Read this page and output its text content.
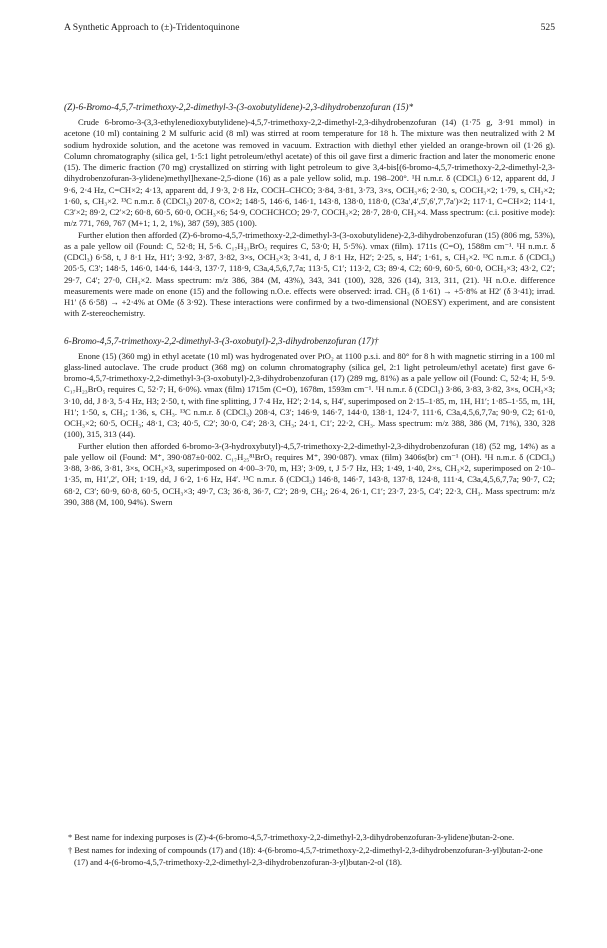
A Synthetic Approach to (±)-Tridentoquinone	525

(Z)-6-Bromo-4,5,7-trimethoxy-2,2-dimethyl-3-(3-oxobutylidene)-2,3-dihydrobenzofuran (15)*

Crude 6-bromo-3-(3,3-ethylenedioxybutylidene)-4,5,7-trimethoxy-2,2-dimethyl-2,3-dihydrobenzofuran (14) (1·75 g, 3·91 mmol) in acetone (10 ml) containing 2 M sulfuric acid (8 ml) was stirred at room temperature for 18 h. The mixture was then neutralized with 2 M sodium hydroxide solution, and the acetone was removed in vacuum. Extraction with diethyl ether yielded an orange-brown oil (1·26 g). Column chromatography (silica gel, 1·5:1 light petroleum/ethyl acetate) of this oil gave first a dimeric fraction and later the monomeric enone (15). The dimeric fraction (70 mg) crystallized on stirring with light petroleum to give 3,4-bis[(6-bromo-4,5,7-trimethoxy-2,2-dimethyl-2,3-dihydrobenzofuran-3-ylidene)methyl]hexane-2,5-dione (16) as a pale yellow solid, m.p. 198–200°. ¹H n.m.r. δ (CDCl₃) 6·12, apparent dd, J 9·6, 2·4 Hz, C=CH×2; 4·13, apparent dd, J 9·3, 2·8 Hz, COCH–CHCO; 3·84, 3·81, 3·73, 3×s, OCH₃×6; 2·30, s, COCH₃×2; 1·79, s, CH₃×2; 1·60, s, CH₃×2. ¹³C n.m.r. δ (CDCl₃) 207·8, CO×2; 148·5, 146·6, 146·1, 143·8, 138·0, 118·0, (C3a′,4′,5′,6′,7′,7a′)×2; 117·1, C=CH×2; 114·1, C3′×2; 89·2, C2′×2; 60·8, 60·5, 60·0, OCH₃×6; 54·9, COCHCHCO; 29·7, COCH₃×2; 28·7, 28·0, CH₃×4. Mass spectrum: (c.i. positive mode): m/z 771, 769, 767 (M+1; 1, 2, 1%), 387 (59), 385 (100).

Further elution then afforded (Z)-6-bromo-4,5,7-trimethoxy-2,2-dimethyl-3-(3-oxobutylidene)-2,3-dihydrobenzofuran (15) (806 mg, 53%), as a pale yellow oil (Found: C, 52·8; H, 5·6. C₁₇H₂₁BrO₅ requires C, 53·0; H, 5·5%). νmax (film). 1711s (C=O), 1588m cm⁻¹. ¹H n.m.r. δ (CDCl₃) 6·58, t, J 8·1 Hz, H1′; 3·92, 3·87, 3·82, 3×s, OCH₃×3; 3·41, d, J 8·1 Hz, H2′; 2·25, s, H4′; 1·61, s, CH₃×2. ¹³C n.m.r. δ (CDCl₃) 205·5, C3′; 148·5, 146·0, 144·6, 144·3, 137·7, 118·9, C3a,4,5,6,7,7a; 113·5, C1′; 113·2, C3; 89·4, C2; 60·9, 60·5, 60·0, OCH₃×3; 43·2, C2′; 29·7, C4′; 27·0, CH₃×2. Mass spectrum: m/z 386, 384 (M, 43%), 343, 341 (100), 328, 326 (14), 313, 311, (21). ¹H n.O.e. difference measurements were made on enone (15) and the following n.O.e. effects were observed: irrad. CH₃ (δ 1·61) → +5·8% at H2′ (δ 3·41); irrad. H1′ (δ 6·58) → +2·4% at OMe (δ 3·92). These interactions were confirmed by a two-dimensional (NOESY) experiment, and are consistent with Z-stereochemistry.

6-Bromo-4,5,7-trimethoxy-2,2-dimethyl-3-(3-oxobutyl)-2,3-dihydrobenzofuran (17)†

Enone (15) (360 mg) in ethyl acetate (10 ml) was hydrogenated over PtO₂ at 1100 p.s.i. and 80° for 8 h with magnetic stirring in a 100 ml glass-lined autoclave. The crude product (368 mg) on column chromatography (silica gel, 2:1 light petroleum/ethyl acetate) first gave 6-bromo-4,5,7-trimethoxy-2,2-dimethyl-3-(3-oxobutyl)-2,3-dihydrobenzofuran (17) (289 mg, 81%) as a pale yellow oil (Found: C, 52·4; H, 5·9. C₁₇H₂₃BrO₅ requires C, 52·7; H, 6·0%). νmax (film) 1715m (C=O), 1678m, 1593m cm⁻¹. ¹H n.m.r. δ (CDCl₃) 3·86, 3·83, 3·82, 3×s, OCH₃×3; 3·10, dd, J 8·3, 5·4 Hz, H3; 2·50, t, with fine splitting, J 7·4 Hz, H2′; 2·14, s, H4′, superimposed on 2·15–1·85, m, 1H, H1′; 1·85–1·55, m, 1H, H1′; 1·50, s, CH₃; 1·36, s, CH₃. ¹³C n.m.r. δ (CDCl₃) 208·4, C3′; 146·9, 146·7, 144·0, 138·1, 124·7, 111·6, C3a,4,5,6,7,7a; 90·9, C2; 61·0, OCH₃×2; 60·5, OCH₃; 48·1, C3; 40·5, C2′; 30·0, C4′; 28·3, CH₃; 24·1, C1′; 22·2, CH₃. Mass spectrum: m/z 388, 386 (M, 71%), 330, 328 (100), 315, 313 (44).

Further elution then afforded 6-bromo-3-(3-hydroxybutyl)-4,5,7-trimethoxy-2,2-dimethyl-2,3-dihydrobenzofuran (18) (52 mg, 14%) as a pale yellow oil (Found: M⁺, 390·087±0·002. C₁₇H₂₅⁸¹BrO₅ requires M⁺, 390·087). νmax (film) 3406s(br) cm⁻¹ (OH). ¹H n.m.r. δ (CDCl₃) 3·88, 3·86, 3·81, 3×s, OCH₃×3, superimposed on 4·00–3·70, m, H3′; 3·09, t, J 5·7 Hz, H3; 1·49, 1·40, 2×s, CH₃×2, superimposed on 2·10–1·35, m, H1′,2′, OH; 1·19, dd, J 6·2, 1·6 Hz, H4′. ¹³C n.m.r. δ (CDCl₃) 146·8, 146·7, 143·8, 137·8, 124·8, 111·4, C3a,4,5,6,7,7a; 90·7, C2; 68·2, C3′; 60·9, 60·8, 60·5, OCH₃×3; 49·7, C3; 36·8, 36·7, C2′; 28·9, CH₃; 26·4, 26·1, C1′; 23·7, 23·5, C4′; 22·3, CH₃. Mass spectrum: m/z 390, 388 (M, 100, 94%). Swern

* Best name for indexing purposes is (Z)-4-(6-bromo-4,5,7-trimethoxy-2,2-dimethyl-2,3-dihydrobenzofuran-3-ylidene)butan-2-one.

† Best names for indexing of compounds (17) and (18): 4-(6-bromo-4,5,7-trimethoxy-2,2-dimethyl-2,3-dihydrobenzofuran-3-yl)butan-2-one (17) and 4-(6-bromo-4,5,7-trimethoxy-2,2-dimethyl-2,3-dihydrobenzofuran-3-yl)butan-2-ol (18).
